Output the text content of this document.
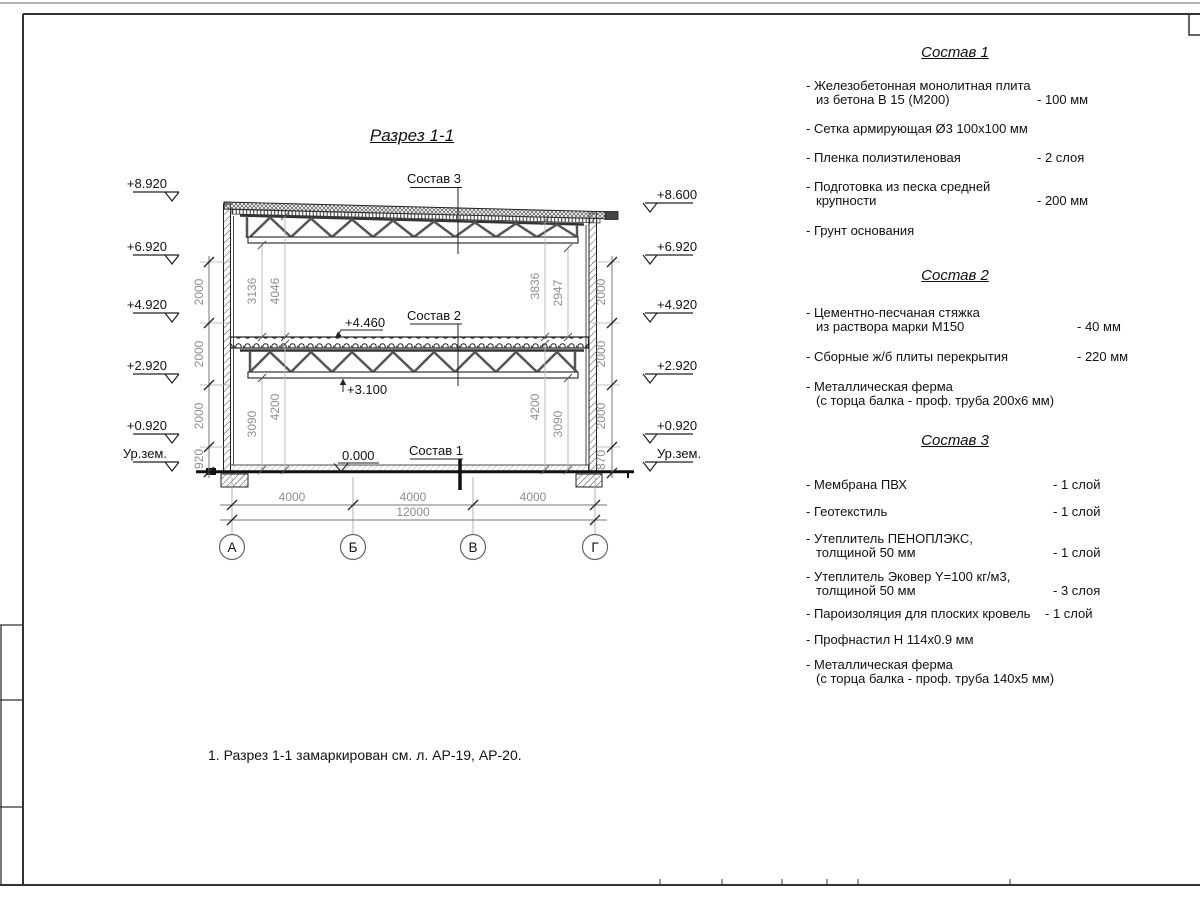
Состав 3
Состав 2
Состав 1
+4.460
+3.100
0.000
+8.920
+6.920
+4.920
+2.920
+0.920
Ур.зем.
+8.600
+6.920
+4.920
+2.920
+0.920
Ур.зем.
2000
2000
2000
920
2000
2000
2000
870
3136 4046	3836 2947
3090
4200	4200
3090
4000	4000	4000
12000
А	Б	В	Г
Разрез 1-1
1. Разрез 1-1 замаркирован см. л. АР-19, АР-20.
Состав 1
- Железобетонная монолитная плита
из бетона В 15 (М200)	- 100 мм
- Сетка армирующая Ø3 100х100 мм
- Пленка полиэтиленовая	- 2 слоя
- Подготовка из песка средней
крупности	- 200 мм
- Грунт основания
Состав 2
- Цементно-песчаная стяжка
из раствора марки М150	- 40 мм
- Сборные ж/б плиты перекрытия	- 220 мм
- Металлическая ферма
(с торца балка - проф. труба 200х6 мм)
Состав 3
- Мембрана ПВХ	- 1 слой
- Геотекстиль	- 1 слой
- Утеплитель ПЕНОПЛЭКС,
толщиной 50 мм	- 1 слой
- Утеплитель Эковер Y=100 кг/м3,
толщиной 50 мм	- 3 слоя
- Пароизоляция для плоских кровель - 1 слой
- Профнастил Н 114х0.9 мм
- Металлическая ферма
(с торца балка - проф. труба 140х5 мм)
